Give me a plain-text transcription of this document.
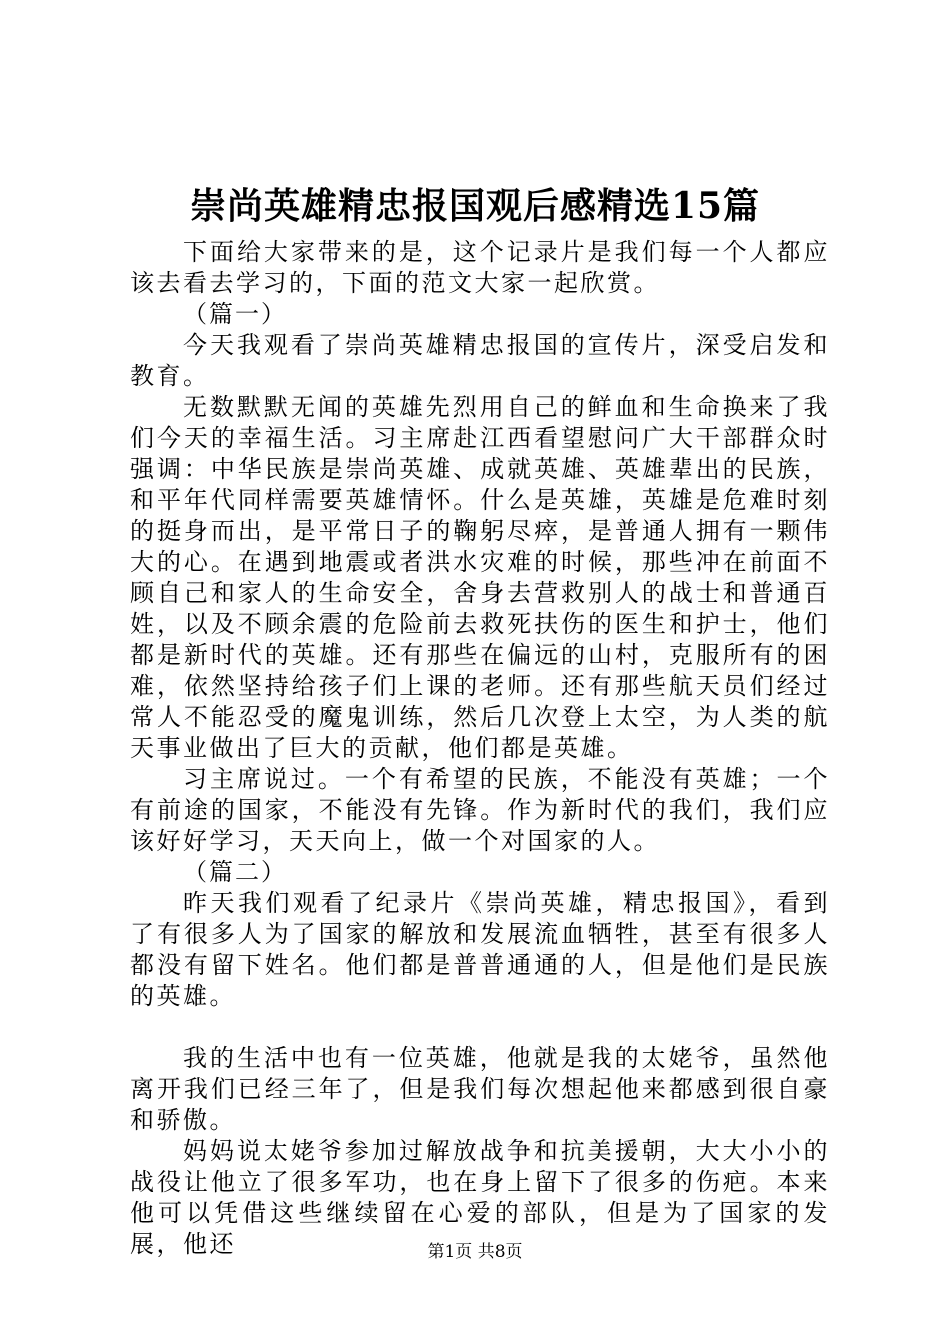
崇尚英雄精忠报国观后感精选15篇

下面给大家带来的是，这个记录片是我们每一个人都应该去看去学习的，下面的范文大家一起欣赏。

（篇一）

今天我观看了崇尚英雄精忠报国的宣传片，深受启发和教育。

无数默默无闻的英雄先烈用自己的鲜血和生命换来了我们今天的幸福生活。习主席赴江西看望慰问广大干部群众时强调：中华民族是崇尚英雄、成就英雄、英雄辈出的民族，和平年代同样需要英雄情怀。什么是英雄，英雄是危难时刻的挺身而出，是平常日子的鞠躬尽瘁，是普通人拥有一颗伟大的心。在遇到地震或者洪水灾难的时候，那些冲在前面不顾自己和家人的生命安全，舍身去营救别人的战士和普通百姓，以及不顾余震的危险前去救死扶伤的医生和护士，他们都是新时代的英雄。还有那些在偏远的山村，克服所有的困难，依然坚持给孩子们上课的老师。还有那些航天员们经过常人不能忍受的魔鬼训练，然后几次登上太空，为人类的航天事业做出了巨大的贡献，他们都是英雄。

习主席说过。一个有希望的民族，不能没有英雄；一个有前途的国家，不能没有先锋。作为新时代的我们，我们应该好好学习，天天向上，做一个对国家的人。

（篇二）

昨天我们观看了纪录片《崇尚英雄，精忠报国》，看到了有很多人为了国家的解放和发展流血牺牲，甚至有很多人都没有留下姓名。他们都是普普通通的人，但是他们是民族的英雄。

我的生活中也有一位英雄，他就是我的太姥爷，虽然他离开我们已经三年了，但是我们每次想起他来都感到很自豪和骄傲。

妈妈说太姥爷参加过解放战争和抗美援朝，大大小小的战役让他立了很多军功，也在身上留下了很多的伤疤。本来他可以凭借这些继续留在心爱的部队，但是为了国家的发展，他还	第1页 共8页
